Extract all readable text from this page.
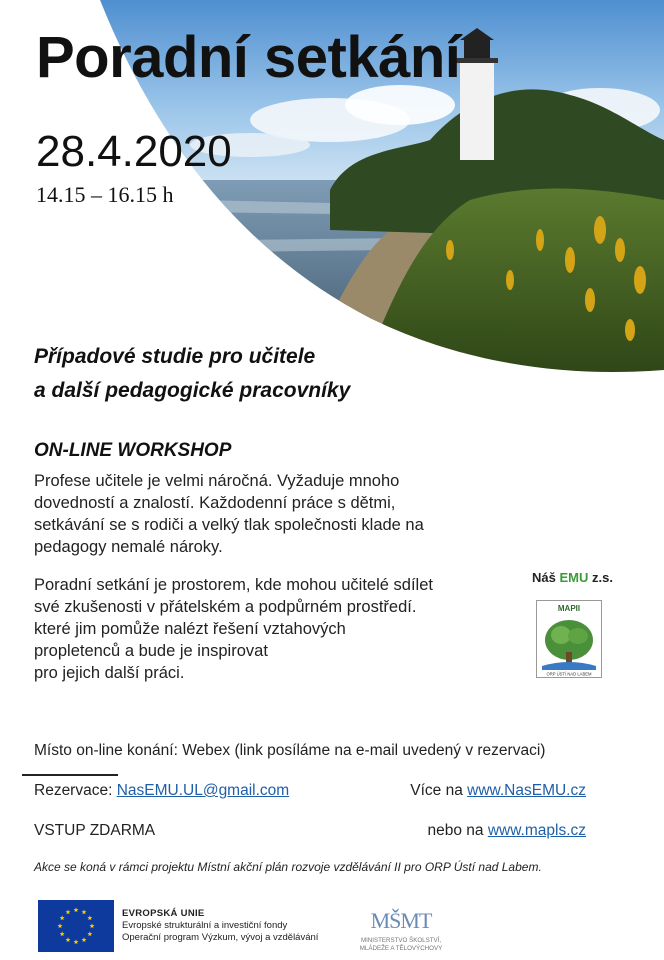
Poradní setkání
28.4.2020
14.15 – 16.15 h
Případové studie pro učitele
a další pedagogické pracovníky
ON-LINE WORKSHOP
Profese učitele je velmi náročná. Vyžaduje mnoho
dovedností a znalostí. Každodenní práce s dětmi,
setkávání se s rodiči a velký tlak společnosti klade na
pedagogy nemalé nároky.
Poradní setkání je prostorem, kde mohou učitelé sdílet
své zkušenosti v přátelském a podpůrném prostředí.
které jim pomůže nalézt řešení vztahových
propletenců a bude je inspirovat
pro jejich další práci.
Náš EMU z.s.
MAPII
ORP ÚSTÍ NAD LABEM
Místo on-line konání: Webex (link posíláme na e-mail uvedený v rezervaci)
Rezervace: NasEMU.UL@gmail.com	Více na www.NasEMU.cz
VSTUP ZDARMA	nebo na www.mapls.cz
Akce se koná v rámci projektu Místní akční plán rozvoje vzdělávání II pro ORP Ústí nad Labem.
EVROPSKÁ UNIE
Evropské strukturální a investiční fondy
Operační program Výzkum, vývoj a vzdělávání
MŠMT
MINISTERSTVO ŠKOLSTVÍ,
MLÁDEŽE A TĚLOVÝCHOVY
